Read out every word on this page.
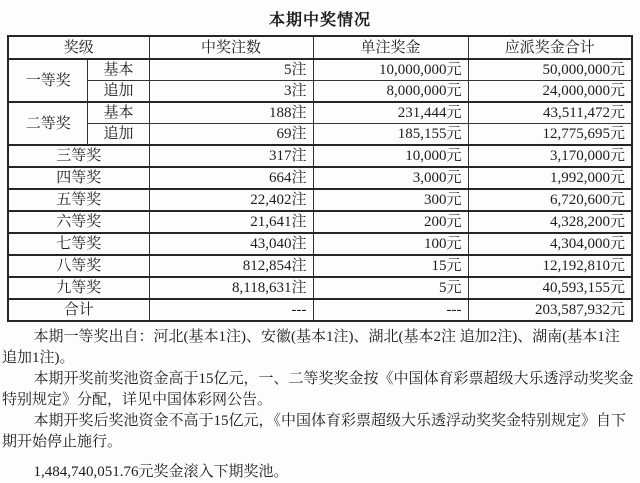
本期中奖情况
奖级		中奖注数	单注奖金	应派奖金合计
一等奖	基本	5注	10,000,000元	50,000,000元
	追加	3注	8,000,000元	24,000,000元
二等奖	基本	188注	231,444元	43,511,472元
	追加	69注	185,155元	12,775,695元
三等奖		317注	10,000元	3,170,000元
四等奖		664注	3,000元	1,992,000元
五等奖		22,402注	300元	6,720,600元
六等奖		21,641注	200元	4,328,200元
七等奖		43,040注	100元	4,304,000元
八等奖		812,854注	15元	12,192,810元
九等奖		8,118,631注	5元	40,593,155元
合计		---	---	203,587,932元

本期一等奖出自：河北(基本1注)、安徽(基本1注)、湖北(基本2注 追加2注)、湖南(基本1注 追加1注)。

本期开奖前奖池资金高于15亿元，一、二等奖奖金按《中国体育彩票超级大乐透浮动奖奖金特别规定》分配，详见中国体彩网公告。

本期开奖后奖池资金不高于15亿元，《中国体育彩票超级大乐透浮动奖奖金特别规定》自下期开始停止施行。

1,484,740,051.76元奖金滚入下期奖池。
